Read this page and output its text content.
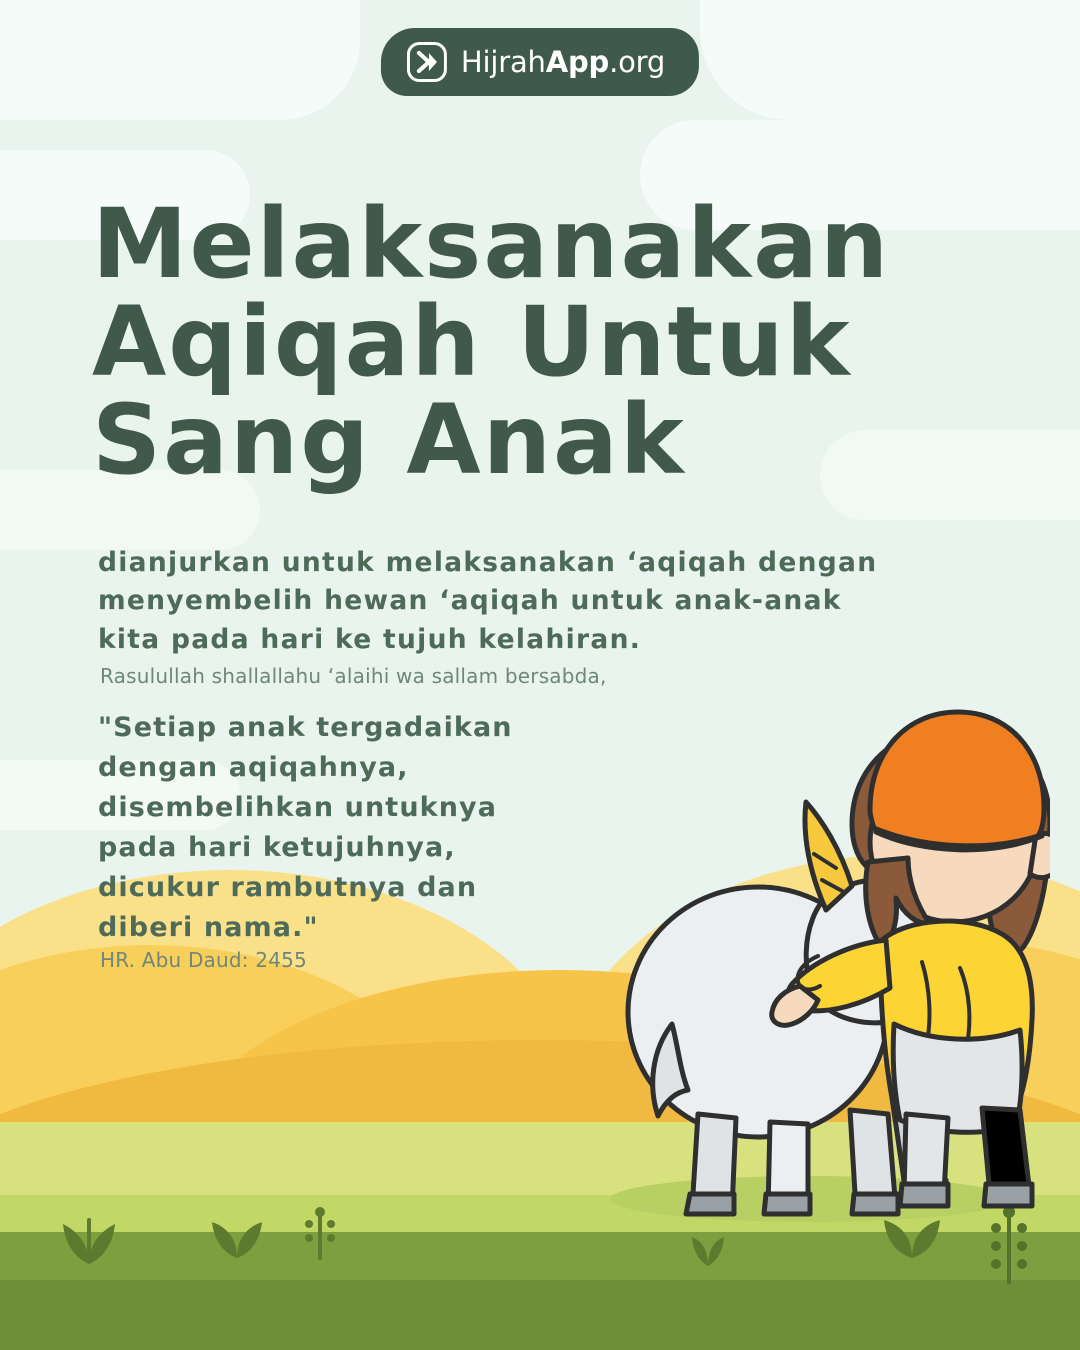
HijrahApp.org
Melaksanakan
Aqiqah Untuk
Sang Anak
dianjurkan untuk melaksanakan ‘aqiqah dengan
menyembelih hewan ‘aqiqah untuk anak-anak
kita pada hari ke tujuh kelahiran.
Rasulullah shallallahu ‘alaihi wa sallam bersabda,
"Setiap anak tergadaikan
dengan aqiqahnya,
disembelihkan untuknya
pada hari ketujuhnya,
dicukur rambutnya dan
diberi nama."
HR. Abu Daud: 2455
